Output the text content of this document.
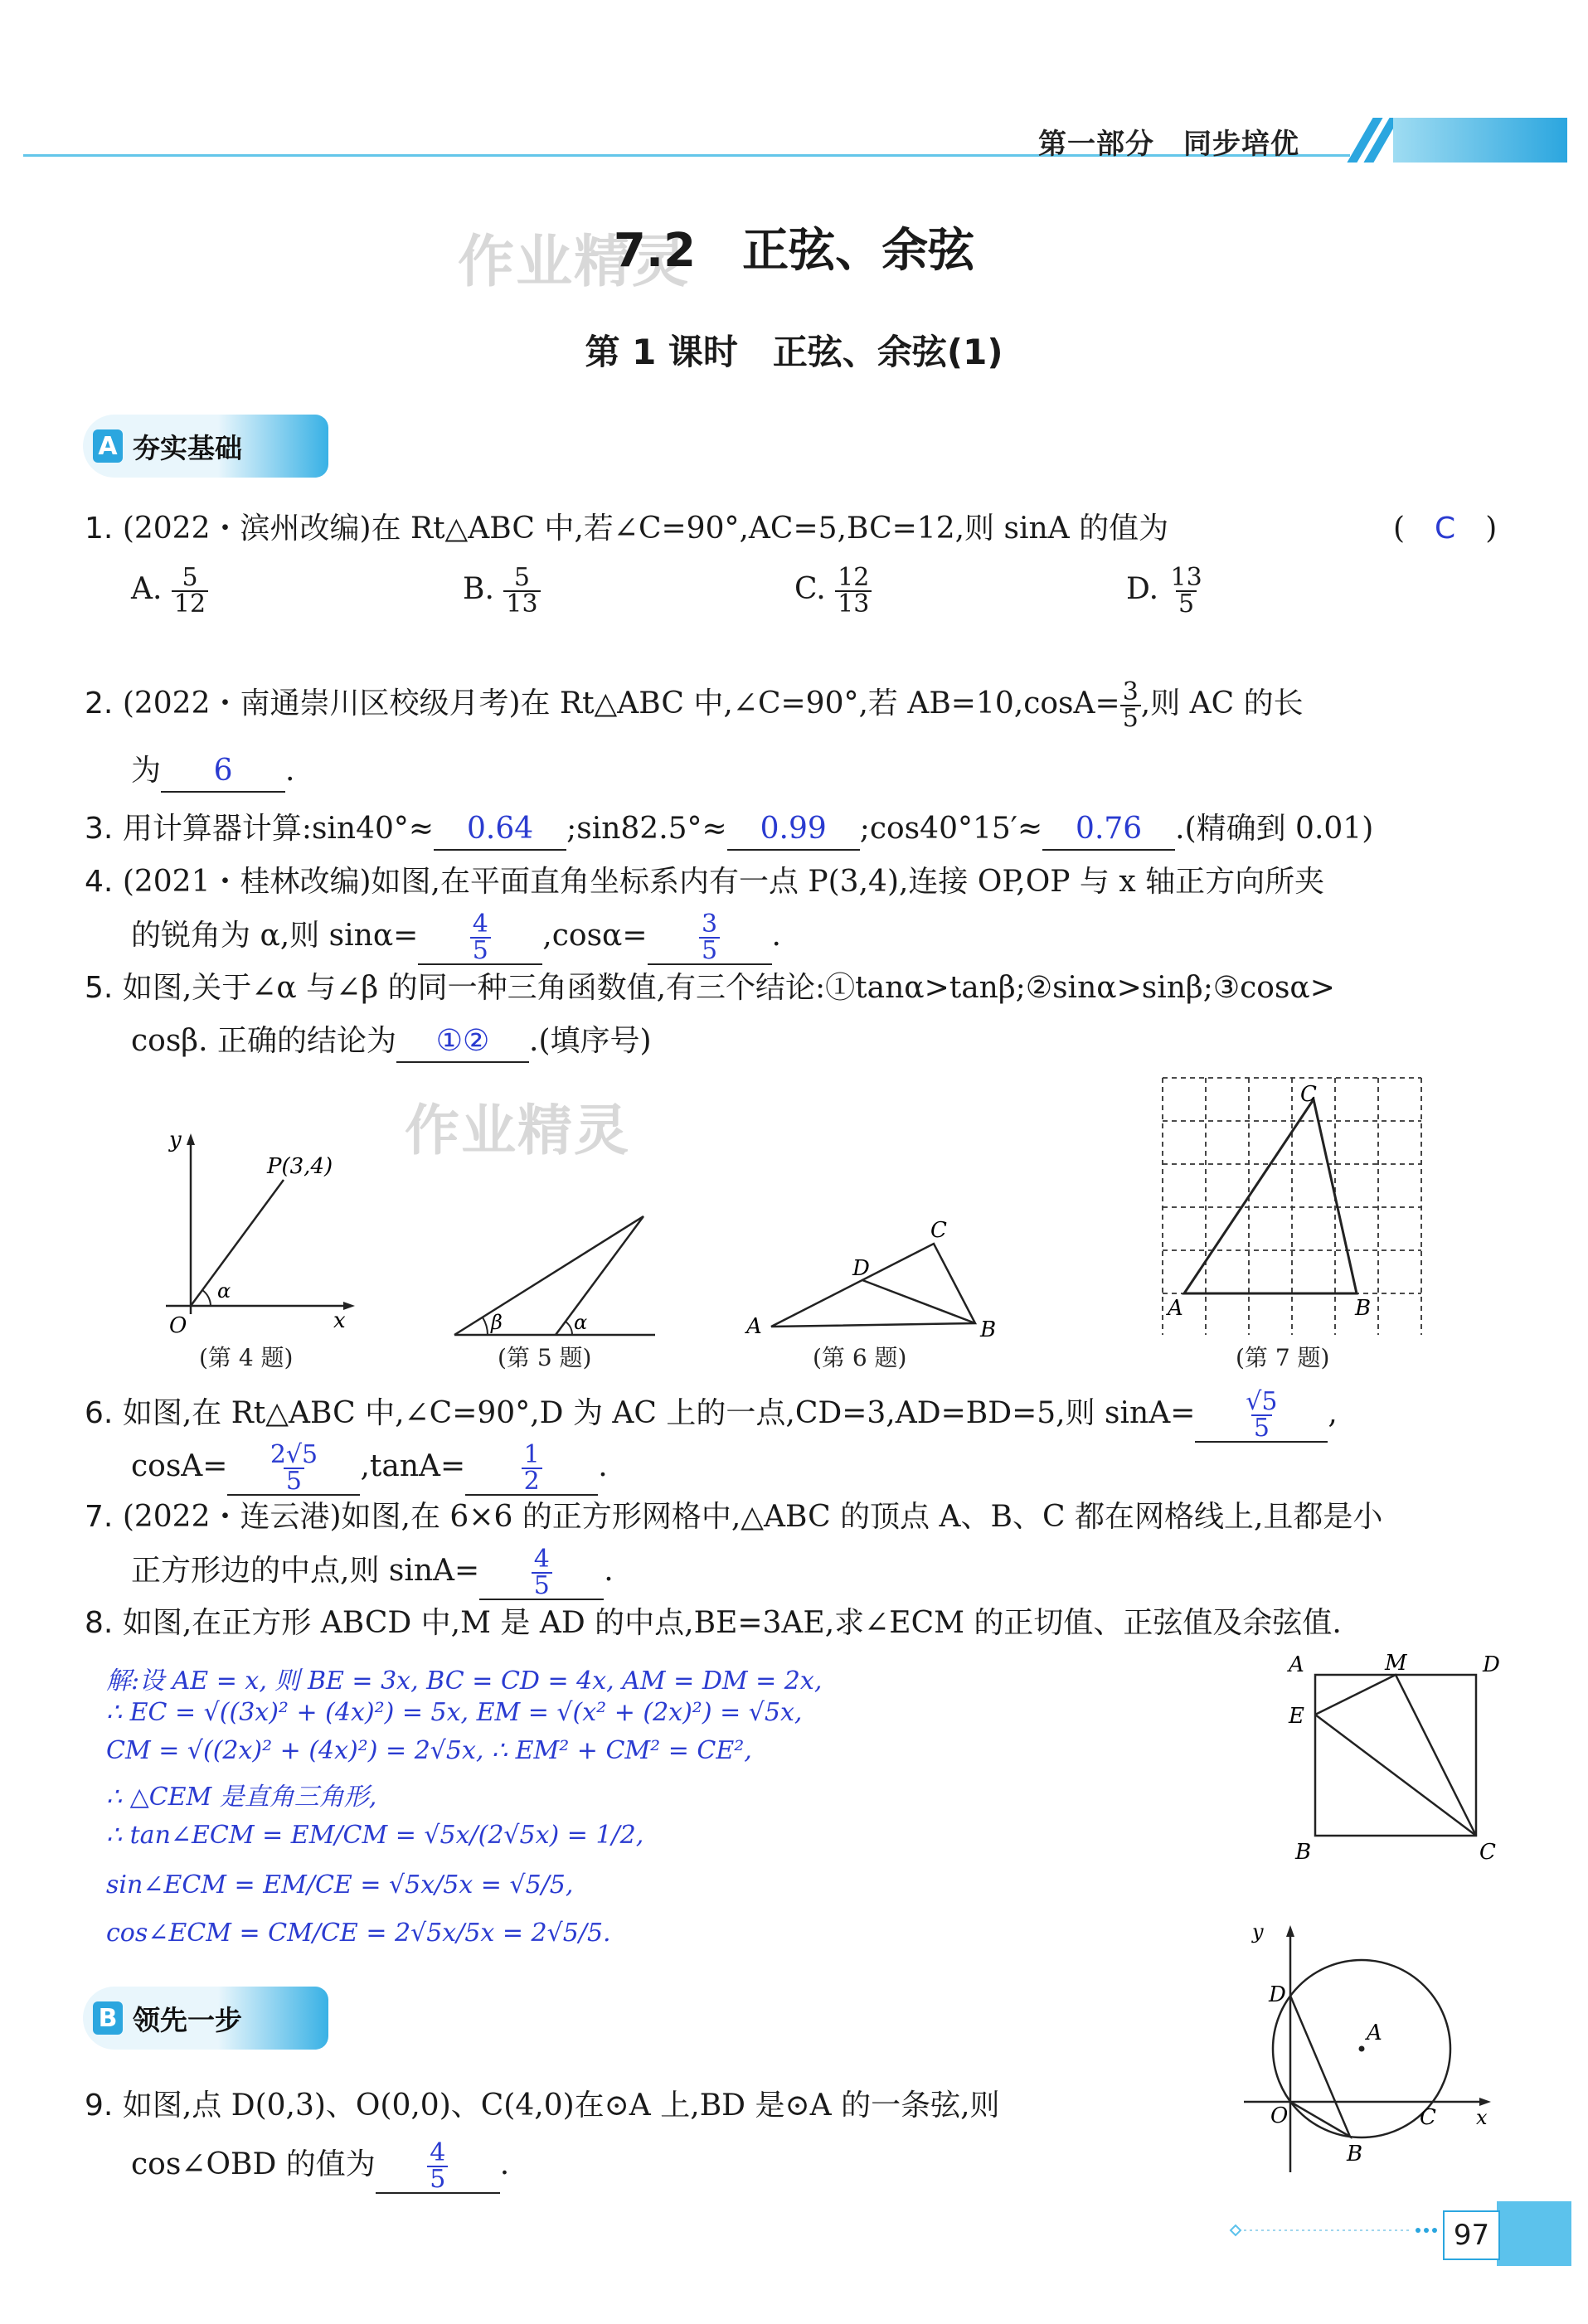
第一部分　 同步培优
作业精灵
7.2　正弦、余弦
第 1 课时　正弦、余弦(1)
A 夯实基础
1. (2022・滨州改编)在 Rt△ABC 中,若∠C=90°,AC=5,BC=12,则 sinA 的值为	(　C　)
A. $\frac{5}{12}$	B. $\frac{5}{13}$	C. $\frac{12}{13}$	D. $\frac{13}{5}$
2. (2022・南通崇川区校级月考)在 Rt△ABC 中,∠C=90°,若 $AB=10,\cos A= \frac{3}{5}$ ,则 AC 的长
为 6 .
3. 用计算器计算:sin40°≈ 0.64 ;sin82.5°≈ 0.99 ;cos40°15′≈ 0.76 .(精确到 0.01)
4. (2021・桂林改编)如图,在平面直角坐标系内有一点 P(3,4),连接 OP,OP 与 x 轴正方向所夹
的锐角为 α,则 $\sin\alpha= \frac{4}{5} ,\cos\alpha= \frac{3}{5}$ .
5. 如图,关于∠α 与∠β 的同一种三角函数值,有三个结论:①tanα>tanβ;②sinα>sinβ;③cosα>
cosβ. 正确的结论为 ①② .(填序号)
作业精灵
y
x
O
P(3,4)
α
(第 4 题)
β	α
(第 5 题)
A	B
C
D
(第 6 题)
A	B
C
(第 7 题)
6. 如图,在 Rt△ABC 中,∠C=90°,D 为 AC 上的一点,CD=3,AD=BD=5,则 $\sin A= \frac{√5}{5}$ ,
$\cos A= \frac{2√5}{5} ,\tan A= \frac{1}{2}$ .
7. (2022・连云港)如图,在 6×6 的正方形网格中,△ABC 的顶点 A、B、C 都在网格线上,且都是小
正方形边的中点,则 $\sin A= \frac{4}{5}$ .
8. 如图,在正方形 ABCD 中,M 是 AD 的中点,BE=3AE,求∠ECM 的正切值、正弦值及余弦值.
解:设 AE = x, 则 BE = 3x, BC = CD = 4x, AM = DM = 2x,
∴ EC = √((3x)² + (4x)²) = 5x, EM = √(x² + (2x)²) = √5x,
CM = √((2x)² + (4x)²) = 2√5x, ∴ EM² + CM² = CE²,
∴ △CEM 是直角三角形,
∴ tan∠ECM = EM/CM = √5x/(2√5x) = 1/2,
sin∠ECM = EM/CE = √5x/5x = √5/5,
cos∠ECM = CM/CE = 2√5x/5x = 2√5/5.
A	M	D
E
B	C
B 领先一步
9. 如图,点 D(0,3)、O(0,0)、C(4,0)在⊙A 上,BD 是⊙A 的一条弦,则
cos∠OBD 的值为 $\frac{4}{5}$ .
y
x
D
A
O	C
B
97
